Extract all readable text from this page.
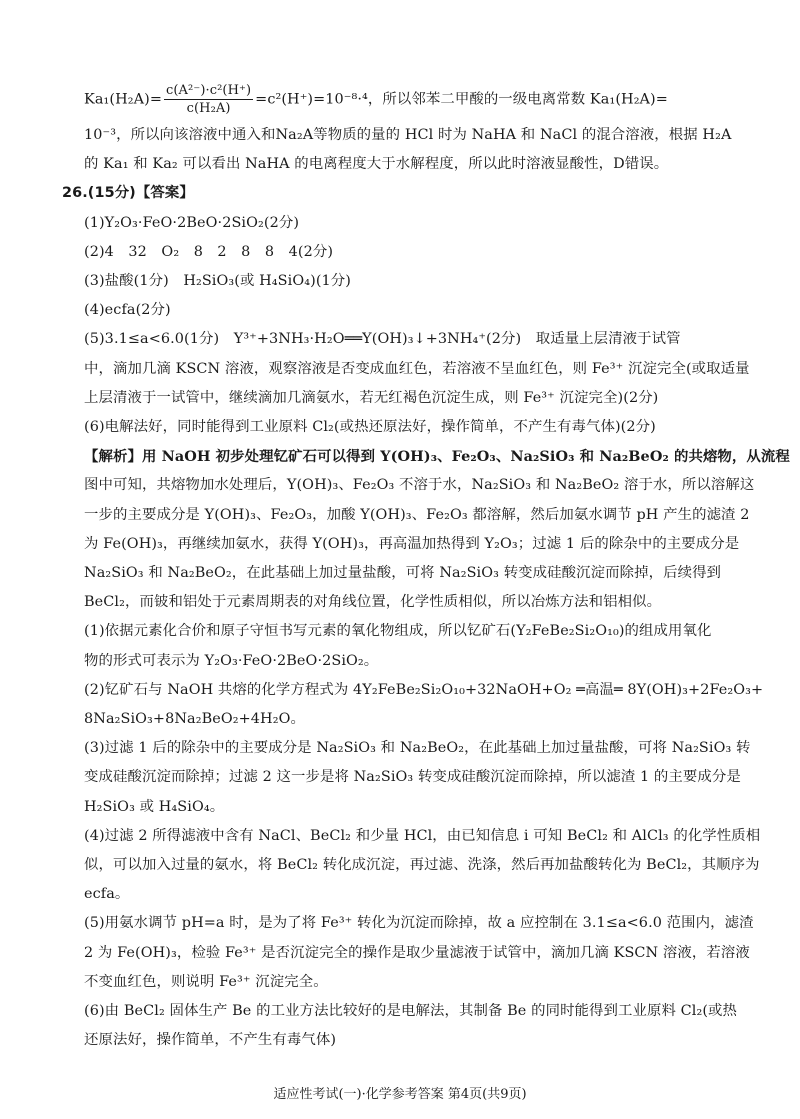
$Ka_1(H_2A)= \frac{\text{c(A²⁻)·c²(H⁺)}}{\text{c(H₂A)}} =c^2(H^+)=10^{-8}\cdot^4$，所以邻苯二甲酸的一级电离常数 Ka₁(H₂A)=
10⁻³，所以向该溶液中通入和Na₂A等物质的量的 HCl 时为 NaHA 和 NaCl 的混合溶液，根据 H₂A
的 Ka₁ 和 Ka₂ 可以看出 NaHA 的电离程度大于水解程度，所以此时溶液显酸性，D错误。
26.(15分)【答案】
(1)Y₂O₃·FeO·2BeO·2SiO₂(2分)
(2)4　32　O₂　8　2　8　8　4(2分)
(3)盐酸(1分)　H₂SiO₃(或 H₄SiO₄)(1分)
(4)ecfa(2分)
(5)3.1≤a<6.0(1分)　Y³⁺+3NH₃·H₂O══Y(OH)₃↓+3NH₄⁺(2分)　取适量上层清液于试管
中，滴加几滴 KSCN 溶液，观察溶液是否变成血红色，若溶液不呈血红色，则 Fe³⁺ 沉淀完全(或取适量
上层清液于一试管中，继续滴加几滴氨水，若无红褐色沉淀生成，则 Fe³⁺ 沉淀完全)(2分)
(6)电解法好，同时能得到工业原料 Cl₂(或热还原法好，操作简单，不产生有毒气体)(2分)
【解析】用 NaOH 初步处理钇矿石可以得到 Y(OH)₃、Fe₂O₃、Na₂SiO₃ 和 Na₂BeO₂ 的共熔物，从流程
图中可知，共熔物加水处理后，Y(OH)₃、Fe₂O₃ 不溶于水，Na₂SiO₃ 和 Na₂BeO₂ 溶于水，所以溶解这
一步的主要成分是 Y(OH)₃、Fe₂O₃，加酸 Y(OH)₃、Fe₂O₃ 都溶解，然后加氨水调节 pH 产生的滤渣 2
为 Fe(OH)₃，再继续加氨水，获得 Y(OH)₃，再高温加热得到 Y₂O₃；过滤 1 后的除杂中的主要成分是
Na₂SiO₃ 和 Na₂BeO₂，在此基础上加过量盐酸，可将 Na₂SiO₃ 转变成硅酸沉淀而除掉，后续得到
BeCl₂，而铍和铝处于元素周期表的对角线位置，化学性质相似，所以冶炼方法和铝相似。
(1)依据元素化合价和原子守恒书写元素的氧化物组成，所以钇矿石(Y₂FeBe₂Si₂O₁₀)的组成用氧化
物的形式可表示为 Y₂O₃·FeO·2BeO·2SiO₂。
(2)钇矿石与 NaOH 共熔的化学方程式为 4Y₂FeBe₂Si₂O₁₀+32NaOH+O₂ ═高温═ 8Y(OH)₃+2Fe₂O₃+
8Na₂SiO₃+8Na₂BeO₂+4H₂O。
(3)过滤 1 后的除杂中的主要成分是 Na₂SiO₃ 和 Na₂BeO₂，在此基础上加过量盐酸，可将 Na₂SiO₃ 转
变成硅酸沉淀而除掉；过滤 2 这一步是将 Na₂SiO₃ 转变成硅酸沉淀而除掉，所以滤渣 1 的主要成分是
H₂SiO₃ 或 H₄SiO₄。
(4)过滤 2 所得滤液中含有 NaCl、BeCl₂ 和少量 HCl，由已知信息 i 可知 BeCl₂ 和 AlCl₃ 的化学性质相
似，可以加入过量的氨水，将 BeCl₂ 转化成沉淀，再过滤、洗涤，然后再加盐酸转化为 BeCl₂，其顺序为
ecfa。
(5)用氨水调节 pH=a 时，是为了将 Fe³⁺ 转化为沉淀而除掉，故 a 应控制在 3.1≤a<6.0 范围内，滤渣
2 为 Fe(OH)₃，检验 Fe³⁺ 是否沉淀完全的操作是取少量滤液于试管中，滴加几滴 KSCN 溶液，若溶液
不变血红色，则说明 Fe³⁺ 沉淀完全。
(6)由 BeCl₂ 固体生产 Be 的工业方法比较好的是电解法，其制备 Be 的同时能得到工业原料 Cl₂(或热
还原法好，操作简单，不产生有毒气体)
适应性考试(一)·化学参考答案 第4页(共9页)
